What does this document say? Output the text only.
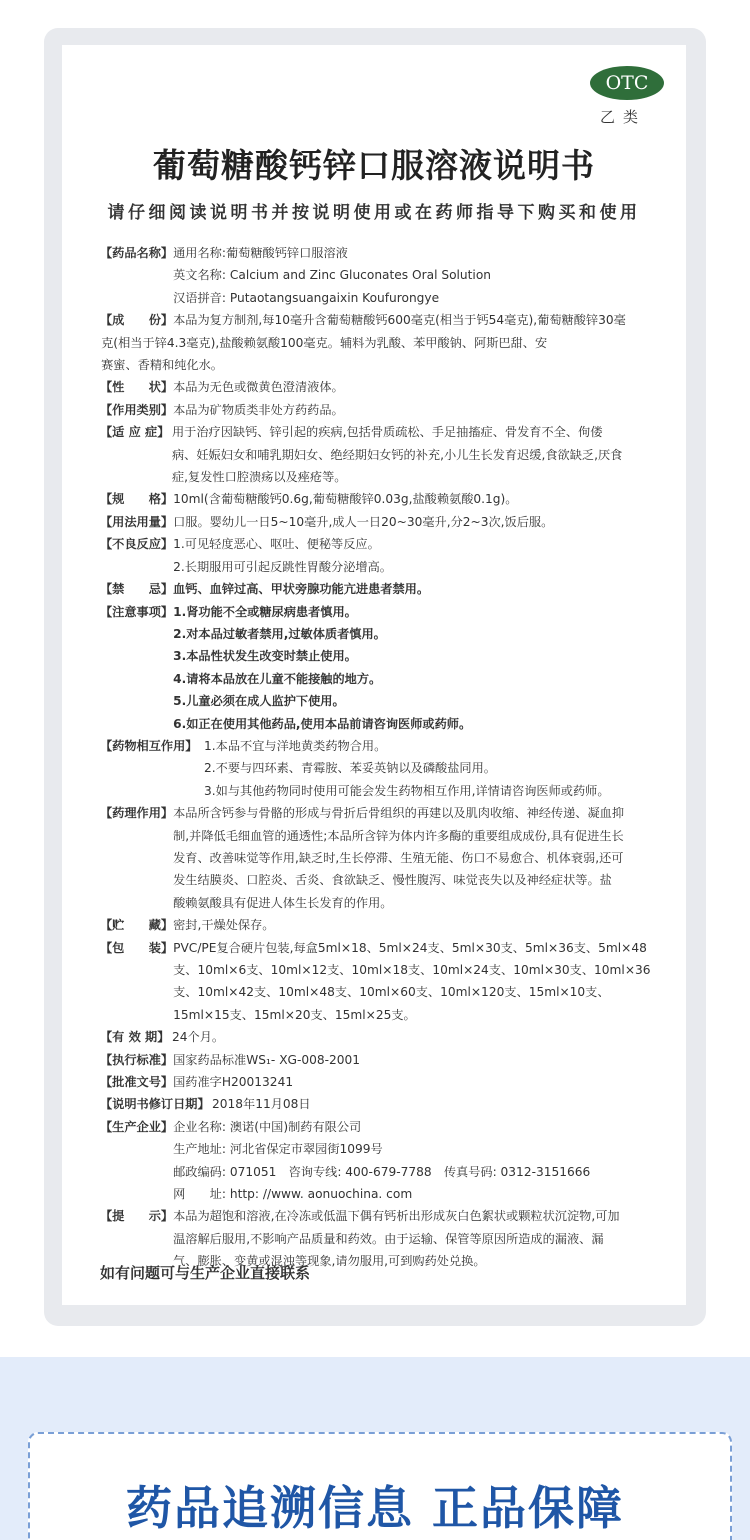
OTC
乙类
葡萄糖酸钙锌口服溶液说明书
请仔细阅读说明书并按说明使用或在药师指导下购买和使用
【药品名称】 通用名称:葡萄糖酸钙锌口服溶液
英文名称: Calcium and Zinc Gluconates Oral Solution
汉语拼音: Putaotangsuangaixin Koufurongye
【成　　份】 本品为复方制剂,每10毫升含葡萄糖酸钙600毫克(相当于钙54毫克),葡萄糖酸锌30毫
克(相当于锌4.3毫克),盐酸赖氨酸100毫克。辅料为乳酸、苯甲酸钠、阿斯巴甜、安
赛蜜、香精和纯化水。
【性　　状】 本品为无色或微黄色澄清液体。
【作用类别】 本品为矿物质类非处方药药品。
【适 应 症】 用于治疗因缺钙、锌引起的疾病,包括骨质疏松、手足抽搐症、骨发育不全、佝偻
病、妊娠妇女和哺乳期妇女、绝经期妇女钙的补充,小儿生长发育迟缓,食欲缺乏,厌食
症,复发性口腔溃疡以及痤疮等。
【规　　格】 10ml(含葡萄糖酸钙0.6g,葡萄糖酸锌0.03g,盐酸赖氨酸0.1g)。
【用法用量】 口服。婴幼儿一日5~10毫升,成人一日20~30毫升,分2~3次,饭后服。
【不良反应】 1.可见轻度恶心、呕吐、便秘等反应。
2.长期服用可引起反跳性胃酸分泌增高。
【禁　　忌】 血钙、血锌过高、甲状旁腺功能亢进患者禁用。
【注意事项】 1.肾功能不全或糖尿病患者慎用。
2.对本品过敏者禁用,过敏体质者慎用。
3.本品性状发生改变时禁止使用。
4.请将本品放在儿童不能接触的地方。
5.儿童必须在成人监护下使用。
6.如正在使用其他药品,使用本品前请咨询医师或药师。
【药物相互作用】 1.本品不宜与洋地黄类药物合用。
2.不要与四环素、青霉胺、苯妥英钠以及磷酸盐同用。
3.如与其他药物同时使用可能会发生药物相互作用,详情请咨询医师或药师。
【药理作用】 本品所含钙参与骨骼的形成与骨折后骨组织的再建以及肌肉收缩、神经传递、凝血抑
制,并降低毛细血管的通透性;本品所含锌为体内许多酶的重要组成成份,具有促进生长
发育、改善味觉等作用,缺乏时,生长停滞、生殖无能、伤口不易愈合、机体衰弱,还可
发生结膜炎、口腔炎、舌炎、食欲缺乏、慢性腹泻、味觉丧失以及神经症状等。盐
酸赖氨酸具有促进人体生长发育的作用。
【贮　　藏】 密封,干燥处保存。
【包　　装】 PVC/PE复合硬片包装,每盒5ml×18、5ml×24支、5ml×30支、5ml×36支、5ml×48
支、10ml×6支、10ml×12支、10ml×18支、10ml×24支、10ml×30支、10ml×36
支、10ml×42支、10ml×48支、10ml×60支、10ml×120支、15ml×10支、
15ml×15支、15ml×20支、15ml×25支。
【有 效 期】 24个月。
【执行标准】 国家药品标准WS₁- XG-008-2001
【批准文号】 国药准字H20013241
【说明书修订日期】 2018年11月08日
【生产企业】 企业名称: 澳诺(中国)制药有限公司
生产地址: 河北省保定市翠园街1099号
邮政编码: 071051　咨询专线: 400-679-7788　传真号码: 0312-3151666
网　　址: http: //www. aonuochina. com
【提　　示】 本品为超饱和溶液,在冷冻或低温下偶有钙析出形成灰白色絮状或颗粒状沉淀物,可加
温溶解后服用,不影响产品质量和药效。由于运输、保管等原因所造成的漏液、漏
气、膨胀、变黄或混浊等现象,请勿服用,可到购药处兑换。
如有问题可与生产企业直接联系
药品追溯信息 正品保障
